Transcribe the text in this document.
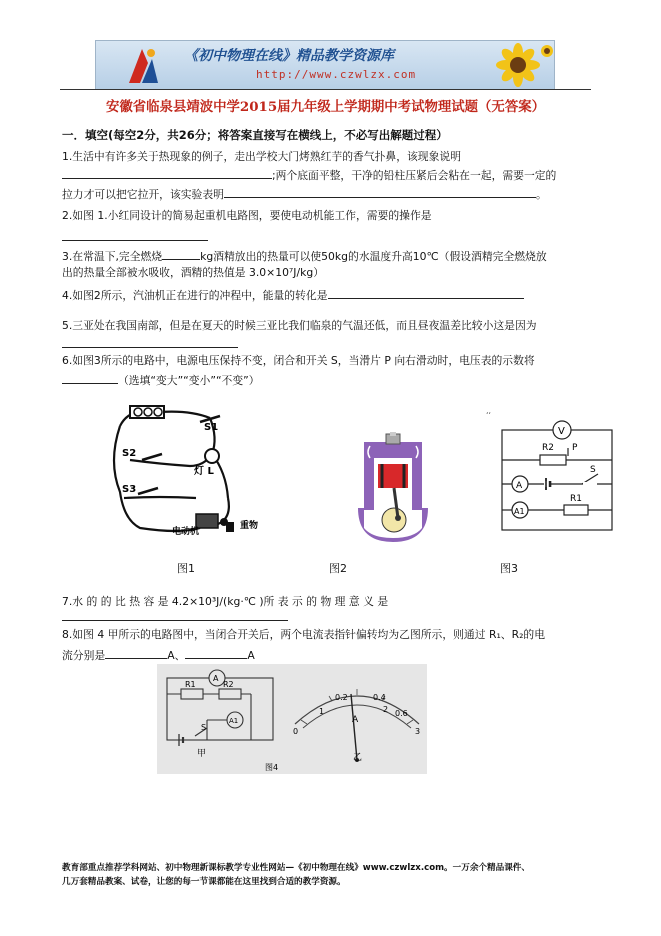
《初中物理在线》精品教学资源库
http://www.czwlzx.com
安徽省临泉县靖波中学2015届九年级上学期期中考试物理试题（无答案）
一．填空(每空2分，共26分；将答案直接写在横线上，不必写出解题过程）
1.生活中有许多关于热现象的例子，走出学校大门烤熟红芋的香气扑鼻，该现象说明
;两个底面平整，干净的铅柱压紧后会粘在一起，需要一定的
拉力才可以把它拉开，该实验表明	。
2.如图 1.小红同设计的简易起重机电路图，要使电动机能工作，需要的操作是
3.在常温下,完全燃烧	kg酒精放出的热量可以使50kg的水温度升高10℃（假设酒精完全燃烧放
出的热量全部被水吸收，酒精的热值是 3.0×10⁷J/kg）
4.如图2所示，汽油机正在进行的冲程中，能量的转化是
5.三亚处在我国南部，但是在夏天的时候三亚比我们临泉的气温还低，而且昼夜温差比较小这是因为
6.如图3所示的电路中，电源电压保持不变，闭合和开关 S，当滑片 P 向右滑动时，电压表的示数将
（选填“变大”“变小”“不变”）
S1
S2
S3
灯 L
电动机
重物
图1	图2
‘‘
V
R2 P
A
S
A1
R1
图3
7.水 的 的 比 热 容 是 4.2×10³J/(kg·℃ )所 表 示 的 物 理 意 义 是
8.如图 4 甲所示的电路图中，当闭合开关后，两个电流表指针偏转均为乙图所示，则通过 R₁、R₂的电
流分别是	A、	A
A
R1	R2
A1
S
甲
图4
0.2	0.4
0.6
0
1	2
3
A
乙
教育部重点推荐学科网站、初中物理新课标教学专业性网站—《初中物理在线》www.czwlzx.com。一万余个精品课件、
几万套精品教案、试卷，让您的每一节课都能在这里找到合适的教学资源。
